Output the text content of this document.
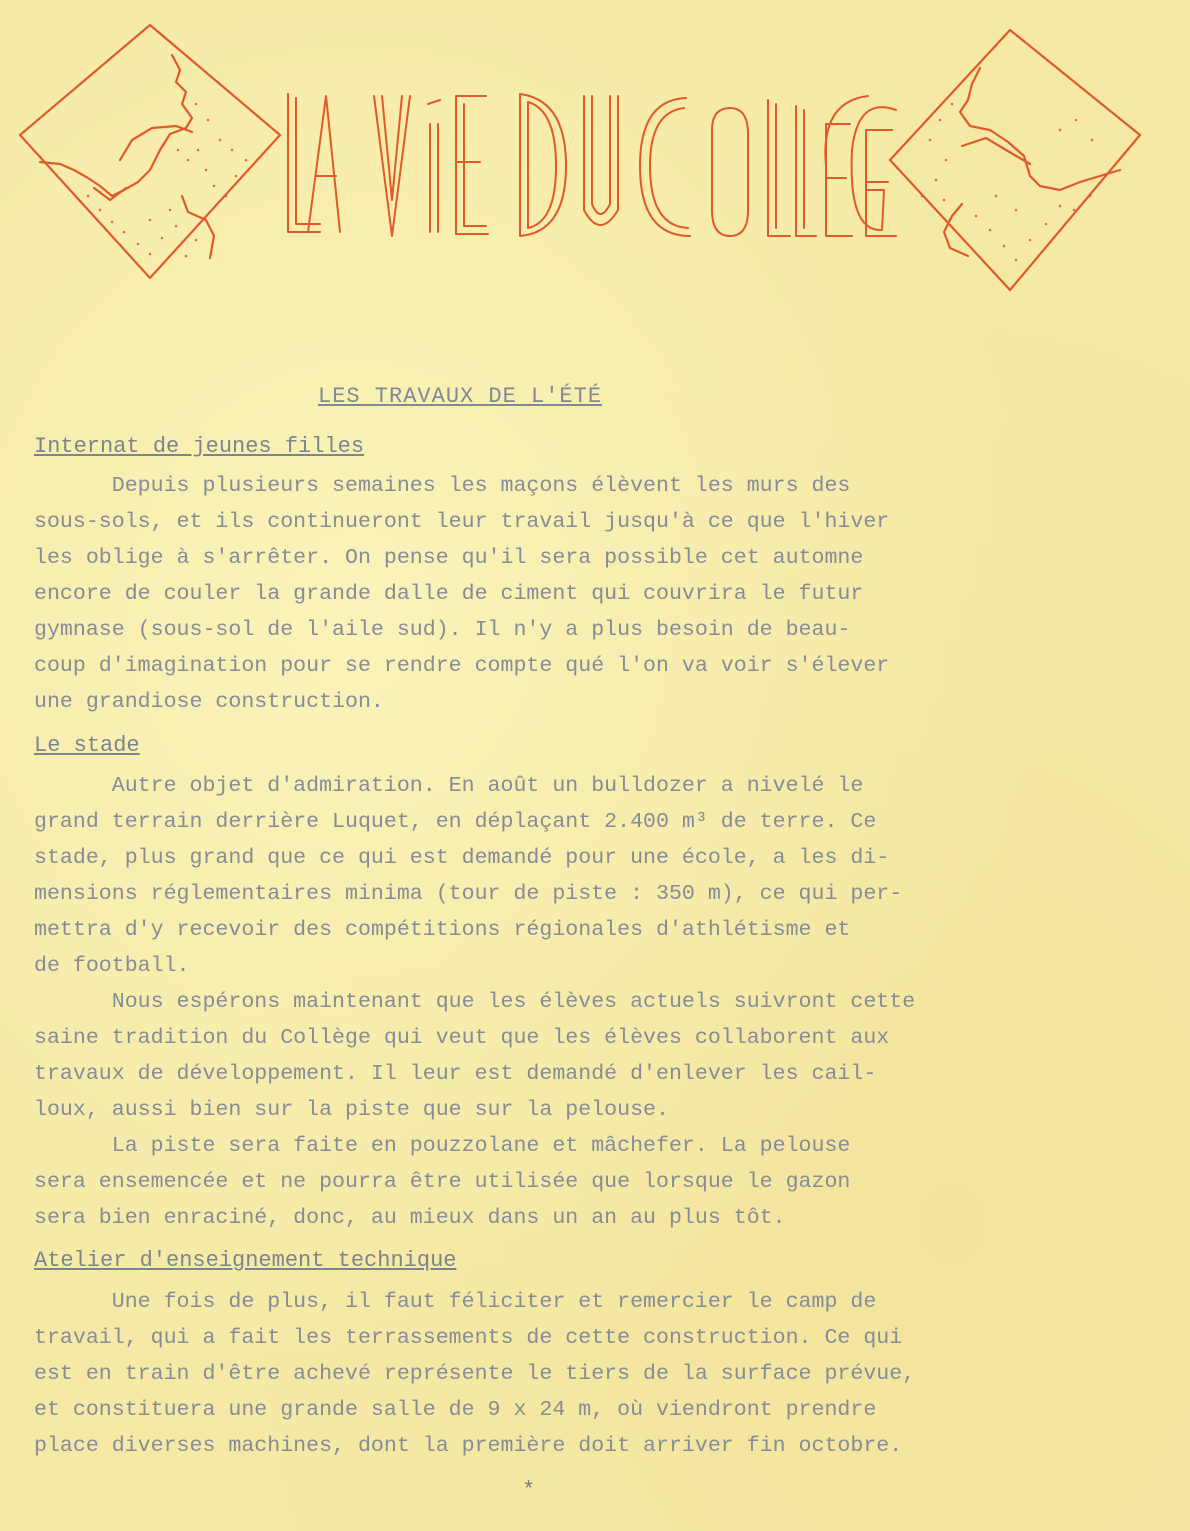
LES TRAVAUX DE L'ÉTÉ
Internat de jeunes filles
Depuis plusieurs semaines les maçons élèvent les murs des
sous-sols, et ils continueront leur travail jusqu'à ce que l'hiver
les oblige à s'arrêter. On pense qu'il sera possible cet automne
encore de couler la grande dalle de ciment qui couvrira le futur
gymnase (sous-sol de l'aile sud). Il n'y a plus besoin de beau-
coup d'imagination pour se rendre compte qué l'on va voir s'élever
une grandiose construction.
Le stade
Autre objet d'admiration. En août un bulldozer a nivelé le
grand terrain derrière Luquet, en déplaçant 2.400 m³ de terre. Ce
stade, plus grand que ce qui est demandé pour une école, a les di-
mensions réglementaires minima (tour de piste : 350 m), ce qui per-
mettra d'y recevoir des compétitions régionales d'athlétisme et
de football.
Nous espérons maintenant que les élèves actuels suivront cette
saine tradition du Collège qui veut que les élèves collaborent aux
travaux de développement. Il leur est demandé d'enlever les cail-
loux, aussi bien sur la piste que sur la pelouse.
La piste sera faite en pouzzolane et mâchefer. La pelouse
sera ensemencée et ne pourra être utilisée que lorsque le gazon
sera bien enraciné, donc, au mieux dans un an au plus tôt.
Atelier d'enseignement technique
Une fois de plus, il faut féliciter et remercier le camp de
travail, qui a fait les terrassements de cette construction. Ce qui
est en train d'être achevé représente le tiers de la surface prévue,
et constituera une grande salle de 9 x 24 m, où viendront prendre
place diverses machines, dont la première doit arriver fin octobre.
*
